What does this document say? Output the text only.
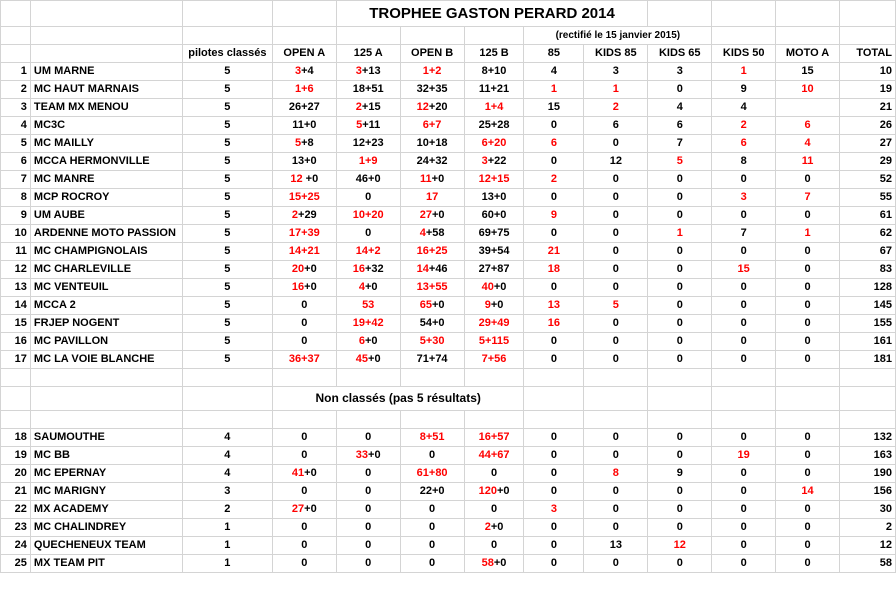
				TROPHEE GASTON PERARD 2014								
							(rectifié le 15 janvier 2015)					
		pilotes classés	OPEN A	125 A	OPEN B	125 B	85	KIDS 85	KIDS 65	KIDS 50	MOTO A	TOTAL
1	UM MARNE	5	3+4	3+13	1+2	8+10	4	3	3	1	15	10
2	MC HAUT MARNAIS	5	1+6	18+51	32+35	11+21	1	1	0	9	10	19
3	TEAM MX MENOU	5	26+27	2+15	12+20	1+4	15	2	4	4		21
4	MC3C	5	11+0	5+11	6+7	25+28	0	6	6	2	6	26
5	MC MAILLY	5	5+8	12+23	10+18	6+20	6	0	7	6	4	27
6	MCCA HERMONVILLE	5	13+0	1+9	24+32	3+22	0	12	5	8	11	29
7	MC MANRE	5	12 +0	46+0	11+0	12+15	2	0	0	0	0	52
8	MCP ROCROY	5	15+25	0	17	13+0	0	0	0	3	7	55
9	UM AUBE	5	2+29	10+20	27+0	60+0	9	0	0	0	0	61
10	ARDENNE MOTO PASSION	5	17+39	0	4+58	69+75	0	0	1	7	1	62
11	MC CHAMPIGNOLAIS	5	14+21	14+2	16+25	39+54	21	0	0	0	0	67
12	MC CHARLEVILLE	5	20+0	16+32	14+46	27+87	18	0	0	15	0	83
13	MC VENTEUIL	5	16+0	4+0	13+55	40+0	0	0	0	0	0	128
14	MCCA 2	5	0	53	65+0	9+0	13	5	0	0	0	145
15	FRJEP NOGENT	5	0	19+42	54+0	29+49	16	0	0	0	0	155
16	MC PAVILLON	5	0	6+0	5+30	5+115	0	0	0	0	0	161
17	MC LA VOIE BLANCHE	5	36+37	45+0	71+74	7+56	0	0	0	0	0	181

			Non classés (pas 5 résultats)									

18	SAUMOUTHE	4	0	0	8+51	16+57	0	0	0	0	0	132
19	MC BB	4	0	33+0	0	44+67	0	0	0	19	0	163
20	MC EPERNAY	4	41+0	0	61+80	0	0	8	9	0	0	190
21	MC MARIGNY	3	0	0	22+0	120+0	0	0	0	0	14	156
22	MX ACADEMY	2	27+0	0	0	0	3	0	0	0	0	30
23	MC CHALINDREY	1	0	0	0	2+0	0	0	0	0	0	2
24	QUECHENEUX TEAM	1	0	0	0	0	0	13	12	0	0	12
25	MX TEAM PIT	1	0	0	0	58+0	0	0	0	0	0	58
